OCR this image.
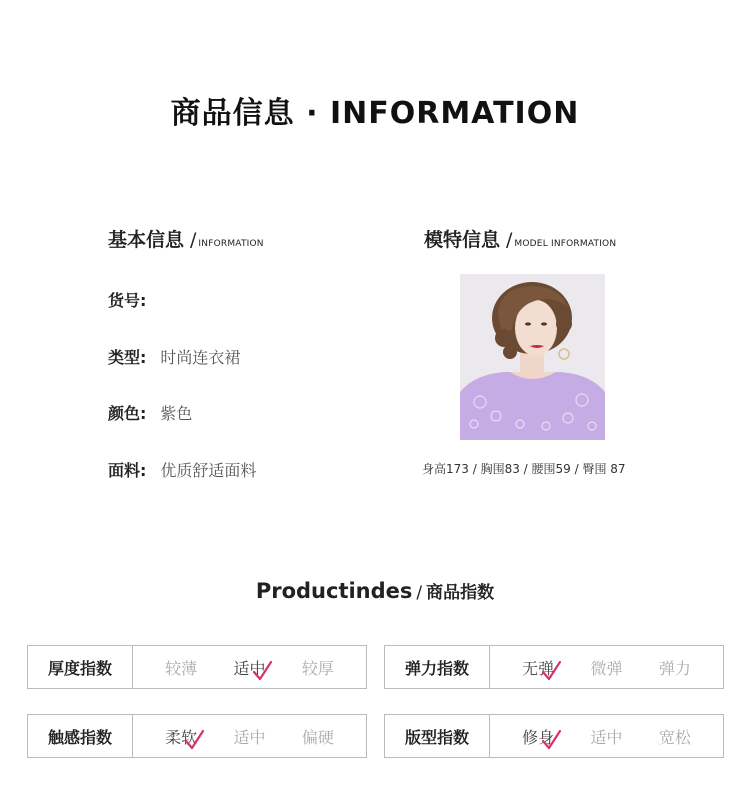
商品信息 · INFORMATION
基本信息 / INFORMATION
货号:
类型: 时尚连衣裙
颜色: 紫色
面料: 优质舒适面料
模特信息 / MODEL INFORMATION
身高173 / 胸围83 / 腰围59 / 臀围 87
Productindes / 商品指数
厚度指数	较薄 适中 较厚	弹力指数	无弹 微弹 弹力
触感指数	柔软 适中 偏硬	版型指数	修身 适中 宽松
